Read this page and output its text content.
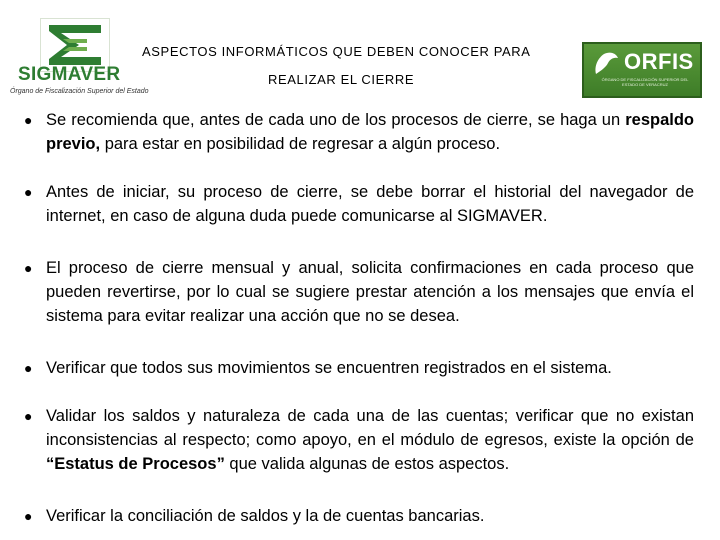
SIGMAVER
Órgano de Fiscalización Superior del Estado
ASPECTOS INFORMÁTICOS QUE DEBEN CONOCER PARA
REALIZAR EL CIERRE
ORFIS
ÓRGANO DE FISCALIZACIÓN SUPERIOR DEL ESTADO DE VERACRUZ
● Se recomienda que, antes de cada uno de los procesos de cierre, se haga un respaldo previo, para estar en posibilidad de regresar a algún proceso.
● Antes de iniciar, su proceso de cierre, se debe borrar el historial del navegador de internet, en caso de alguna duda puede comunicarse al SIGMAVER.
● El proceso de cierre mensual y anual, solicita confirmaciones en cada proceso que pueden revertirse, por lo cual se sugiere prestar atención a los mensajes que envía el sistema para evitar realizar una acción que no se desea.
● Verificar que todos sus movimientos se encuentren registrados en el sistema.
● Validar los saldos y naturaleza de cada una de las cuentas; verificar que no existan inconsistencias al respecto; como apoyo, en el módulo de egresos, existe la opción de “Estatus de Procesos” que valida algunas de estos aspectos.
● Verificar la conciliación de saldos y la de cuentas bancarias.
